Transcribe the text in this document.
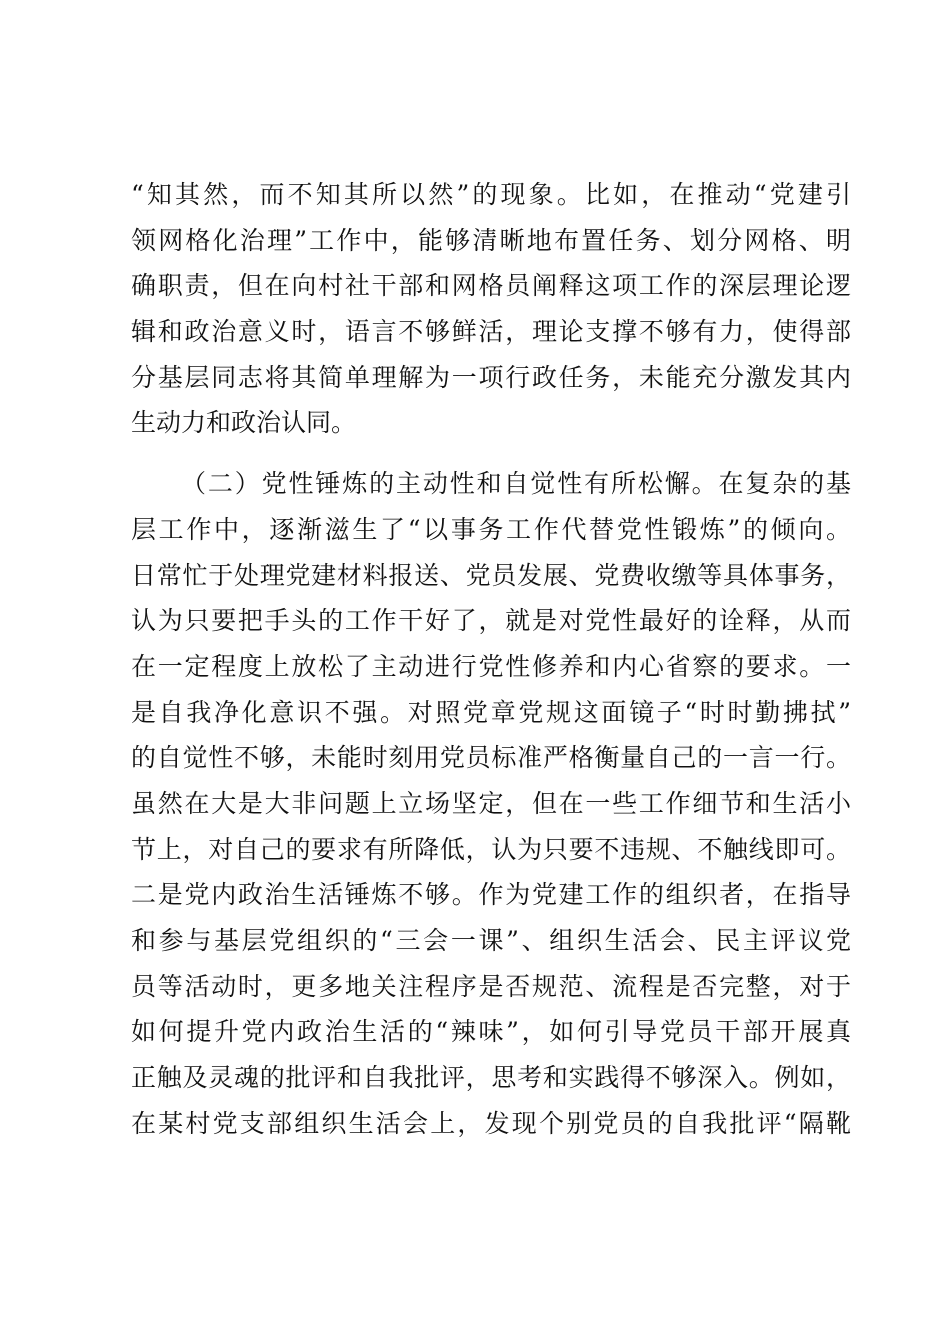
“知其然，而不知其所以然”的现象。比如，在推动“党建引
领网格化治理”工作中，能够清晰地布置任务、划分网格、明
确职责，但在向村社干部和网格员阐释这项工作的深层理论逻
辑和政治意义时，语言不够鲜活，理论支撑不够有力，使得部
分基层同志将其简单理解为一项行政任务，未能充分激发其内
生动力和政治认同。
（二）党性锤炼的主动性和自觉性有所松懈。在复杂的基
层工作中，逐渐滋生了“以事务工作代替党性锻炼”的倾向。
日常忙于处理党建材料报送、党员发展、党费收缴等具体事务，
认为只要把手头的工作干好了，就是对党性最好的诠释，从而
在一定程度上放松了主动进行党性修养和内心省察的要求。一
是自我净化意识不强。对照党章党规这面镜子“时时勤拂拭”
的自觉性不够，未能时刻用党员标准严格衡量自己的一言一行。
虽然在大是大非问题上立场坚定，但在一些工作细节和生活小
节上，对自己的要求有所降低，认为只要不违规、不触线即可。
二是党内政治生活锤炼不够。作为党建工作的组织者，在指导
和参与基层党组织的“三会一课”、组织生活会、民主评议党
员等活动时，更多地关注程序是否规范、流程是否完整，对于
如何提升党内政治生活的“辣味”，如何引导党员干部开展真
正触及灵魂的批评和自我批评，思考和实践得不够深入。例如，
在某村党支部组织生活会上，发现个别党员的自我批评“隔靴
